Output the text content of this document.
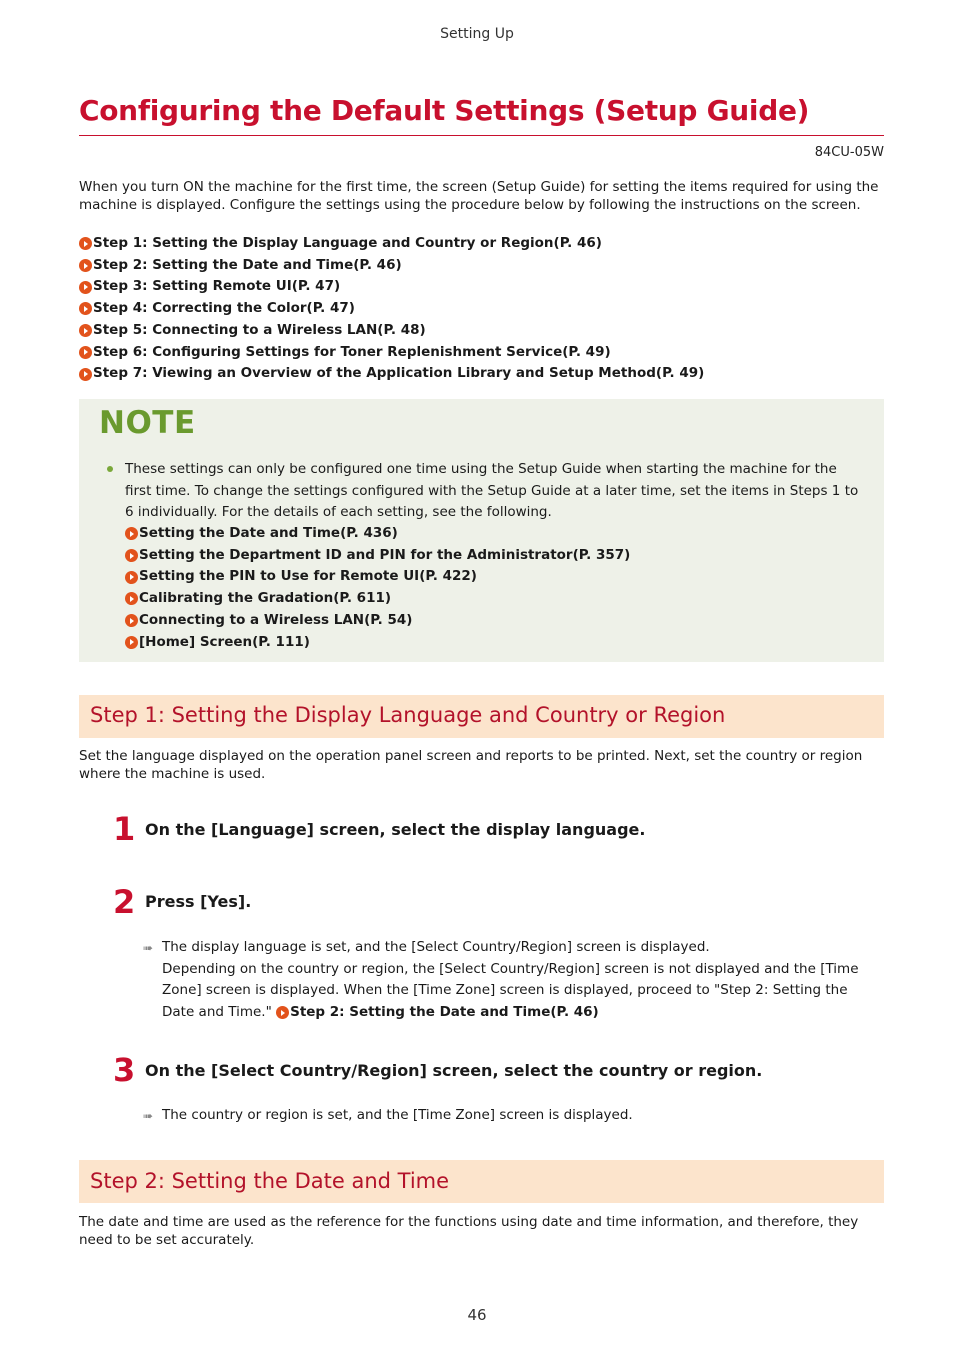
Setting Up
Configuring the Default Settings (Setup Guide)
84CU-05W
When you turn ON the machine for the first time, the screen (Setup Guide) for setting the items required for using the machine is displayed. Configure the settings using the procedure below by following the instructions on the screen.
Step 1: Setting the Display Language and Country or Region(P. 46)
Step 2: Setting the Date and Time(P. 46)
Step 3: Setting Remote UI(P. 47)
Step 4: Correcting the Color(P. 47)
Step 5: Connecting to a Wireless LAN(P. 48)
Step 6: Configuring Settings for Toner Replenishment Service(P. 49)
Step 7: Viewing an Overview of the Application Library and Setup Method(P. 49)
NOTE
These settings can only be configured one time using the Setup Guide when starting the machine for the first time. To change the settings configured with the Setup Guide at a later time, set the items in Steps 1 to 6 individually. For the details of each setting, see the following.
Setting the Date and Time(P. 436)
Setting the Department ID and PIN for the Administrator(P. 357)
Setting the PIN to Use for Remote UI(P. 422)
Calibrating the Gradation(P. 611)
Connecting to a Wireless LAN(P. 54)
[Home] Screen(P. 111)
Step 1: Setting the Display Language and Country or Region
Set the language displayed on the operation panel screen and reports to be printed. Next, set the country or region where the machine is used.
1 On the [Language] screen, select the display language.
2 Press [Yes].
➠ The display language is set, and the [Select Country/Region] screen is displayed.
Depending on the country or region, the [Select Country/Region] screen is not displayed and the [Time Zone] screen is displayed. When the [Time Zone] screen is displayed, proceed to "Step 2: Setting the Date and Time." Step 2: Setting the Date and Time(P. 46)
3 On the [Select Country/Region] screen, select the country or region.
➠ The country or region is set, and the [Time Zone] screen is displayed.
Step 2: Setting the Date and Time
The date and time are used as the reference for the functions using date and time information, and therefore, they need to be set accurately.
46
